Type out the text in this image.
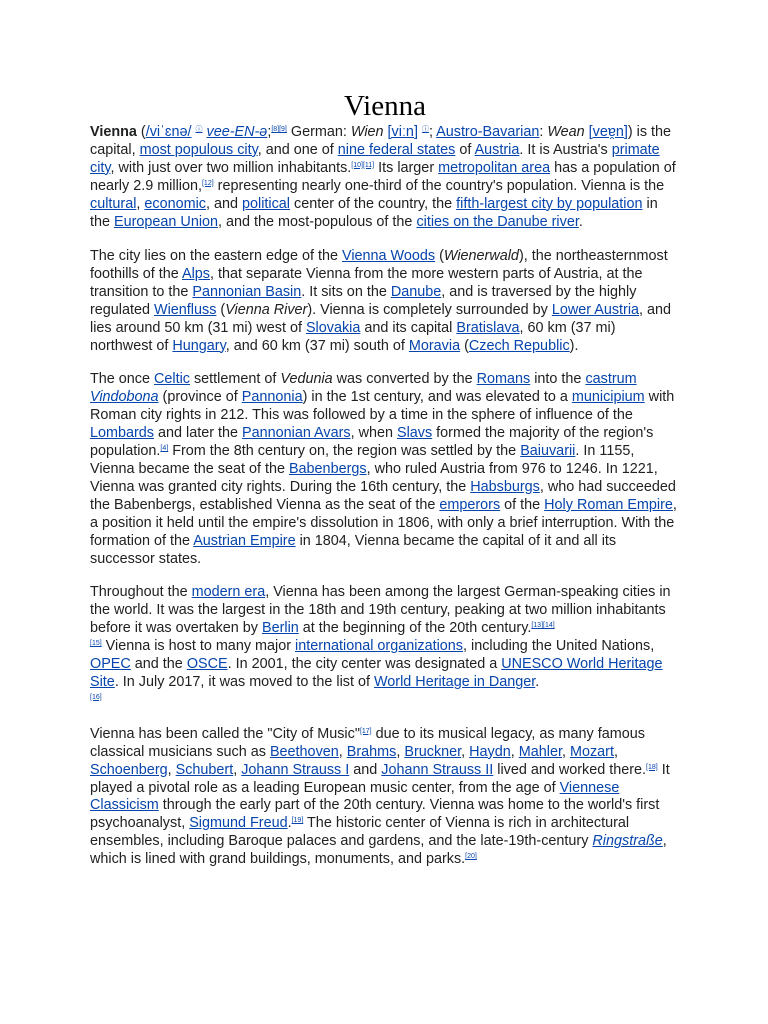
Vienna

Vienna (/viˈɛnə/ ⓘ vee-EN-ə;[8][9] German: Wien [viːn] ⓘ; Austro-Bavarian: Wean [veɐ̯n]) is the capital, most populous city, and one of nine federal states of Austria. It is Austria's primate city, with just over two million inhabitants.[10][11] Its larger metropolitan area has a population of nearly 2.9 million,[12] representing nearly one-third of the country's population. Vienna is the cultural, economic, and political center of the country, the fifth-largest city by population in the European Union, and the most-populous of the cities on the Danube river.

The city lies on the eastern edge of the Vienna Woods (Wienerwald), the northeasternmost foothills of the Alps, that separate Vienna from the more western parts of Austria, at the transition to the Pannonian Basin. It sits on the Danube, and is traversed by the highly regulated Wienfluss (Vienna River). Vienna is completely surrounded by Lower Austria, and lies around 50 km (31 mi) west of Slovakia and its capital Bratislava, 60 km (37 mi) northwest of Hungary, and 60 km (37 mi) south of Moravia (Czech Republic).

The once Celtic settlement of Vedunia was converted by the Romans into the castrum Vindobona (province of Pannonia) in the 1st century, and was elevated to a municipium with Roman city rights in 212. This was followed by a time in the sphere of influence of the Lombards and later the Pannonian Avars, when Slavs formed the majority of the region's population.[4] From the 8th century on, the region was settled by the Baiuvarii. In 1155, Vienna became the seat of the Babenbergs, who ruled Austria from 976 to 1246. In 1221, Vienna was granted city rights. During the 16th century, the Habsburgs, who had succeeded the Babenbergs, established Vienna as the seat of the emperors of the Holy Roman Empire, a position it held until the empire's dissolution in 1806, with only a brief interruption. With the formation of the Austrian Empire in 1804, Vienna became the capital of it and all its successor states.

Throughout the modern era, Vienna has been among the largest German-speaking cities in the world. It was the largest in the 18th and 19th century, peaking at two million inhabitants before it was overtaken by Berlin at the beginning of the 20th century.[13][14]
[15] Vienna is host to many major international organizations, including the United Nations, OPEC and the OSCE. In 2001, the city center was designated a UNESCO World Heritage Site. In July 2017, it was moved to the list of World Heritage in Danger.
[16]

Vienna has been called the "City of Music"[17] due to its musical legacy, as many famous classical musicians such as Beethoven, Brahms, Bruckner, Haydn, Mahler, Mozart, Schoenberg, Schubert, Johann Strauss I and Johann Strauss II lived and worked there.[18] It played a pivotal role as a leading European music center, from the age of Viennese Classicism through the early part of the 20th century. Vienna was home to the world's first psychoanalyst, Sigmund Freud.[19] The historic center of Vienna is rich in architectural ensembles, including Baroque palaces and gardens, and the late-19th-century Ringstraße, which is lined with grand buildings, monuments, and parks.[20]
